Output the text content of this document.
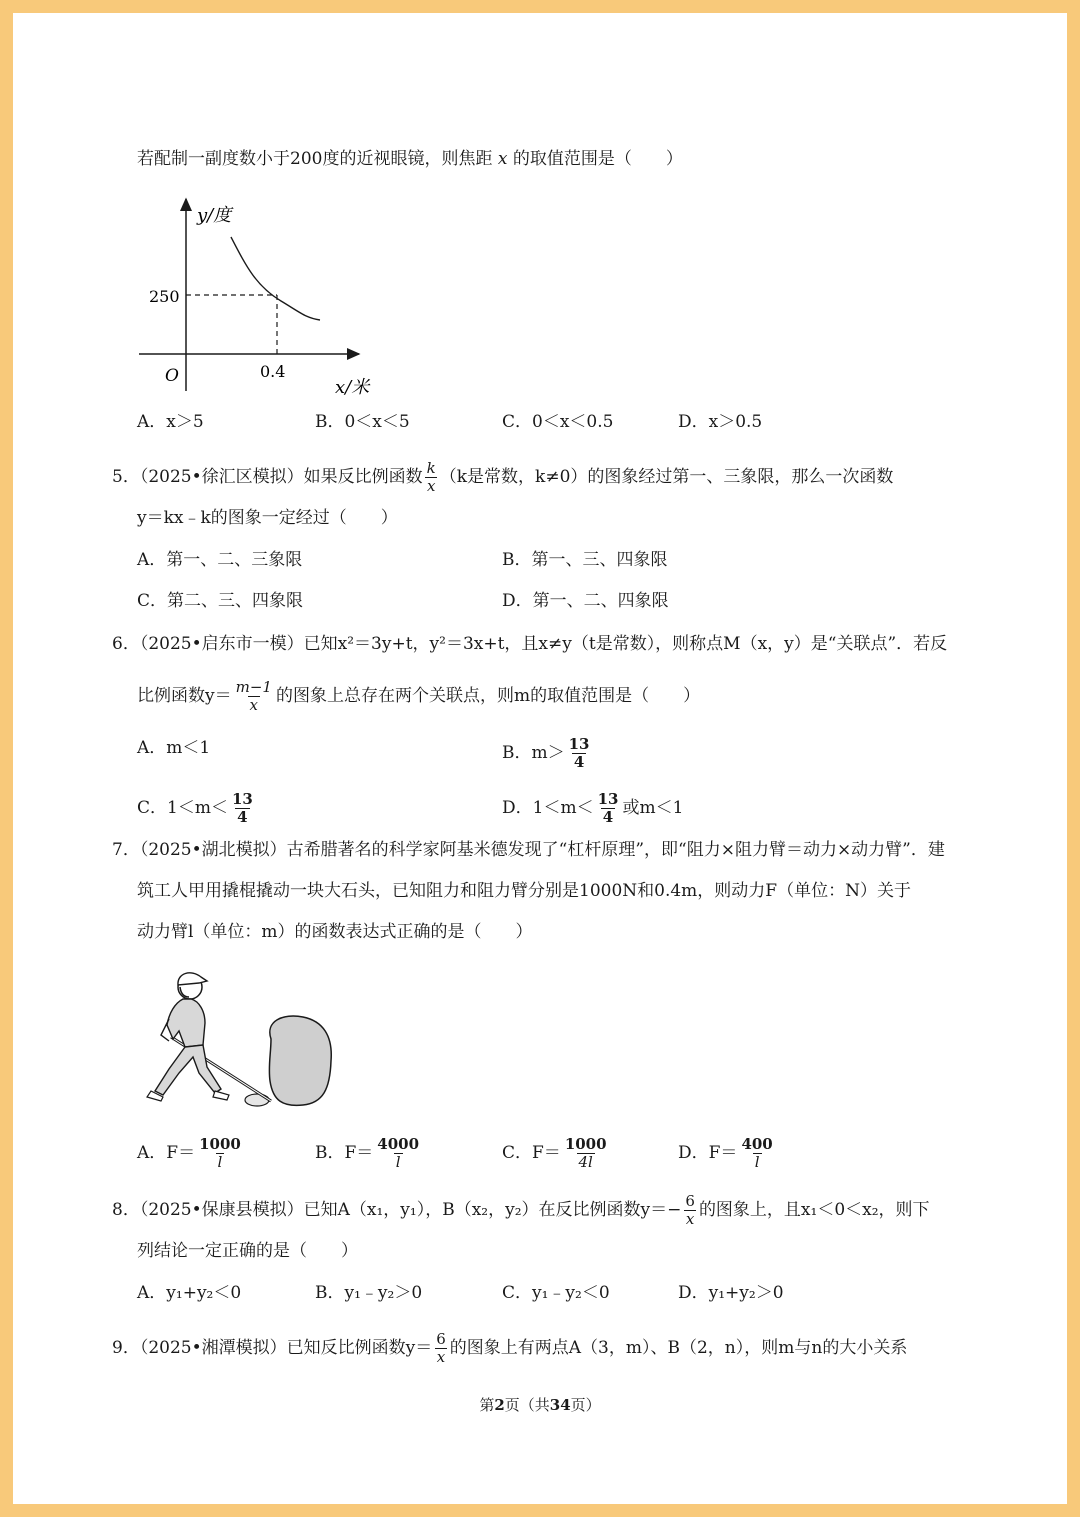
若配制一副度数小于200度的近视眼镜，则焦距 x 的取值范围是（　　）
y/度
x/米
O
250
0.4
A．x＞5	B．0＜x＜5	C．0＜x＜0.5	D．x＞0.5
5．（2025•徐汇区模拟）如果反比例函数 $\frac{k}{x} (k$是常数，k≠0）的图象经过第一、三象限，那么一次函数
y＝kx﹣k的图象一定经过（　　）
A．第一、二、三象限	B．第一、三、四象限
C．第二、三、四象限	D．第一、二、四象限
6．（2025•启东市一模）已知x²＝3y+t，y²＝3x+t，且x≠y（t是常数），则称点M（x，y）是“关联点”．若反
比例函数$y= \frac{m-1}{x}$ 的图象上总存在两个关联点，则m的取值范围是（　　）
A．m＜1	B．$m> \frac{13}{4}$
C．$1<m< \frac{13}{4}$	D．$1<m< \frac{13}{4}$ 或m＜1
7．（2025•湖北模拟）古希腊著名的科学家阿基米德发现了“杠杆原理”，即“阻力×阻力臂＝动力×动力臂”．建
筑工人甲用撬棍撬动一块大石头，已知阻力和阻力臂分别是1000N和0.4m，则动力F（单位：N）关于
动力臂l（单位：m）的函数表达式正确的是（　　）
A．$F= \frac{1000}{l}$	B．$F= \frac{4000}{l}$	C．$F= \frac{1000}{4l}$	D．$F= \frac{400}{l}$
8．（2025•保康县模拟）已知A（x₁，y₁），B（x₂，y₂）在反比例函数$y=- \frac{6}{x}$ 的图象上，且x₁＜0＜x₂，则下
列结论一定正确的是（　　）
A．y₁+y₂＜0	B．y₁﹣y₂＞0	C．y₁﹣y₂＜0	D．y₁+y₂＞0
9．（2025•湘潭模拟）已知反比例函数$y= \frac{6}{x}$ 的图象上有两点A（3，m）、B（2，n），则m与n的大小关系
第2页（共34页）
